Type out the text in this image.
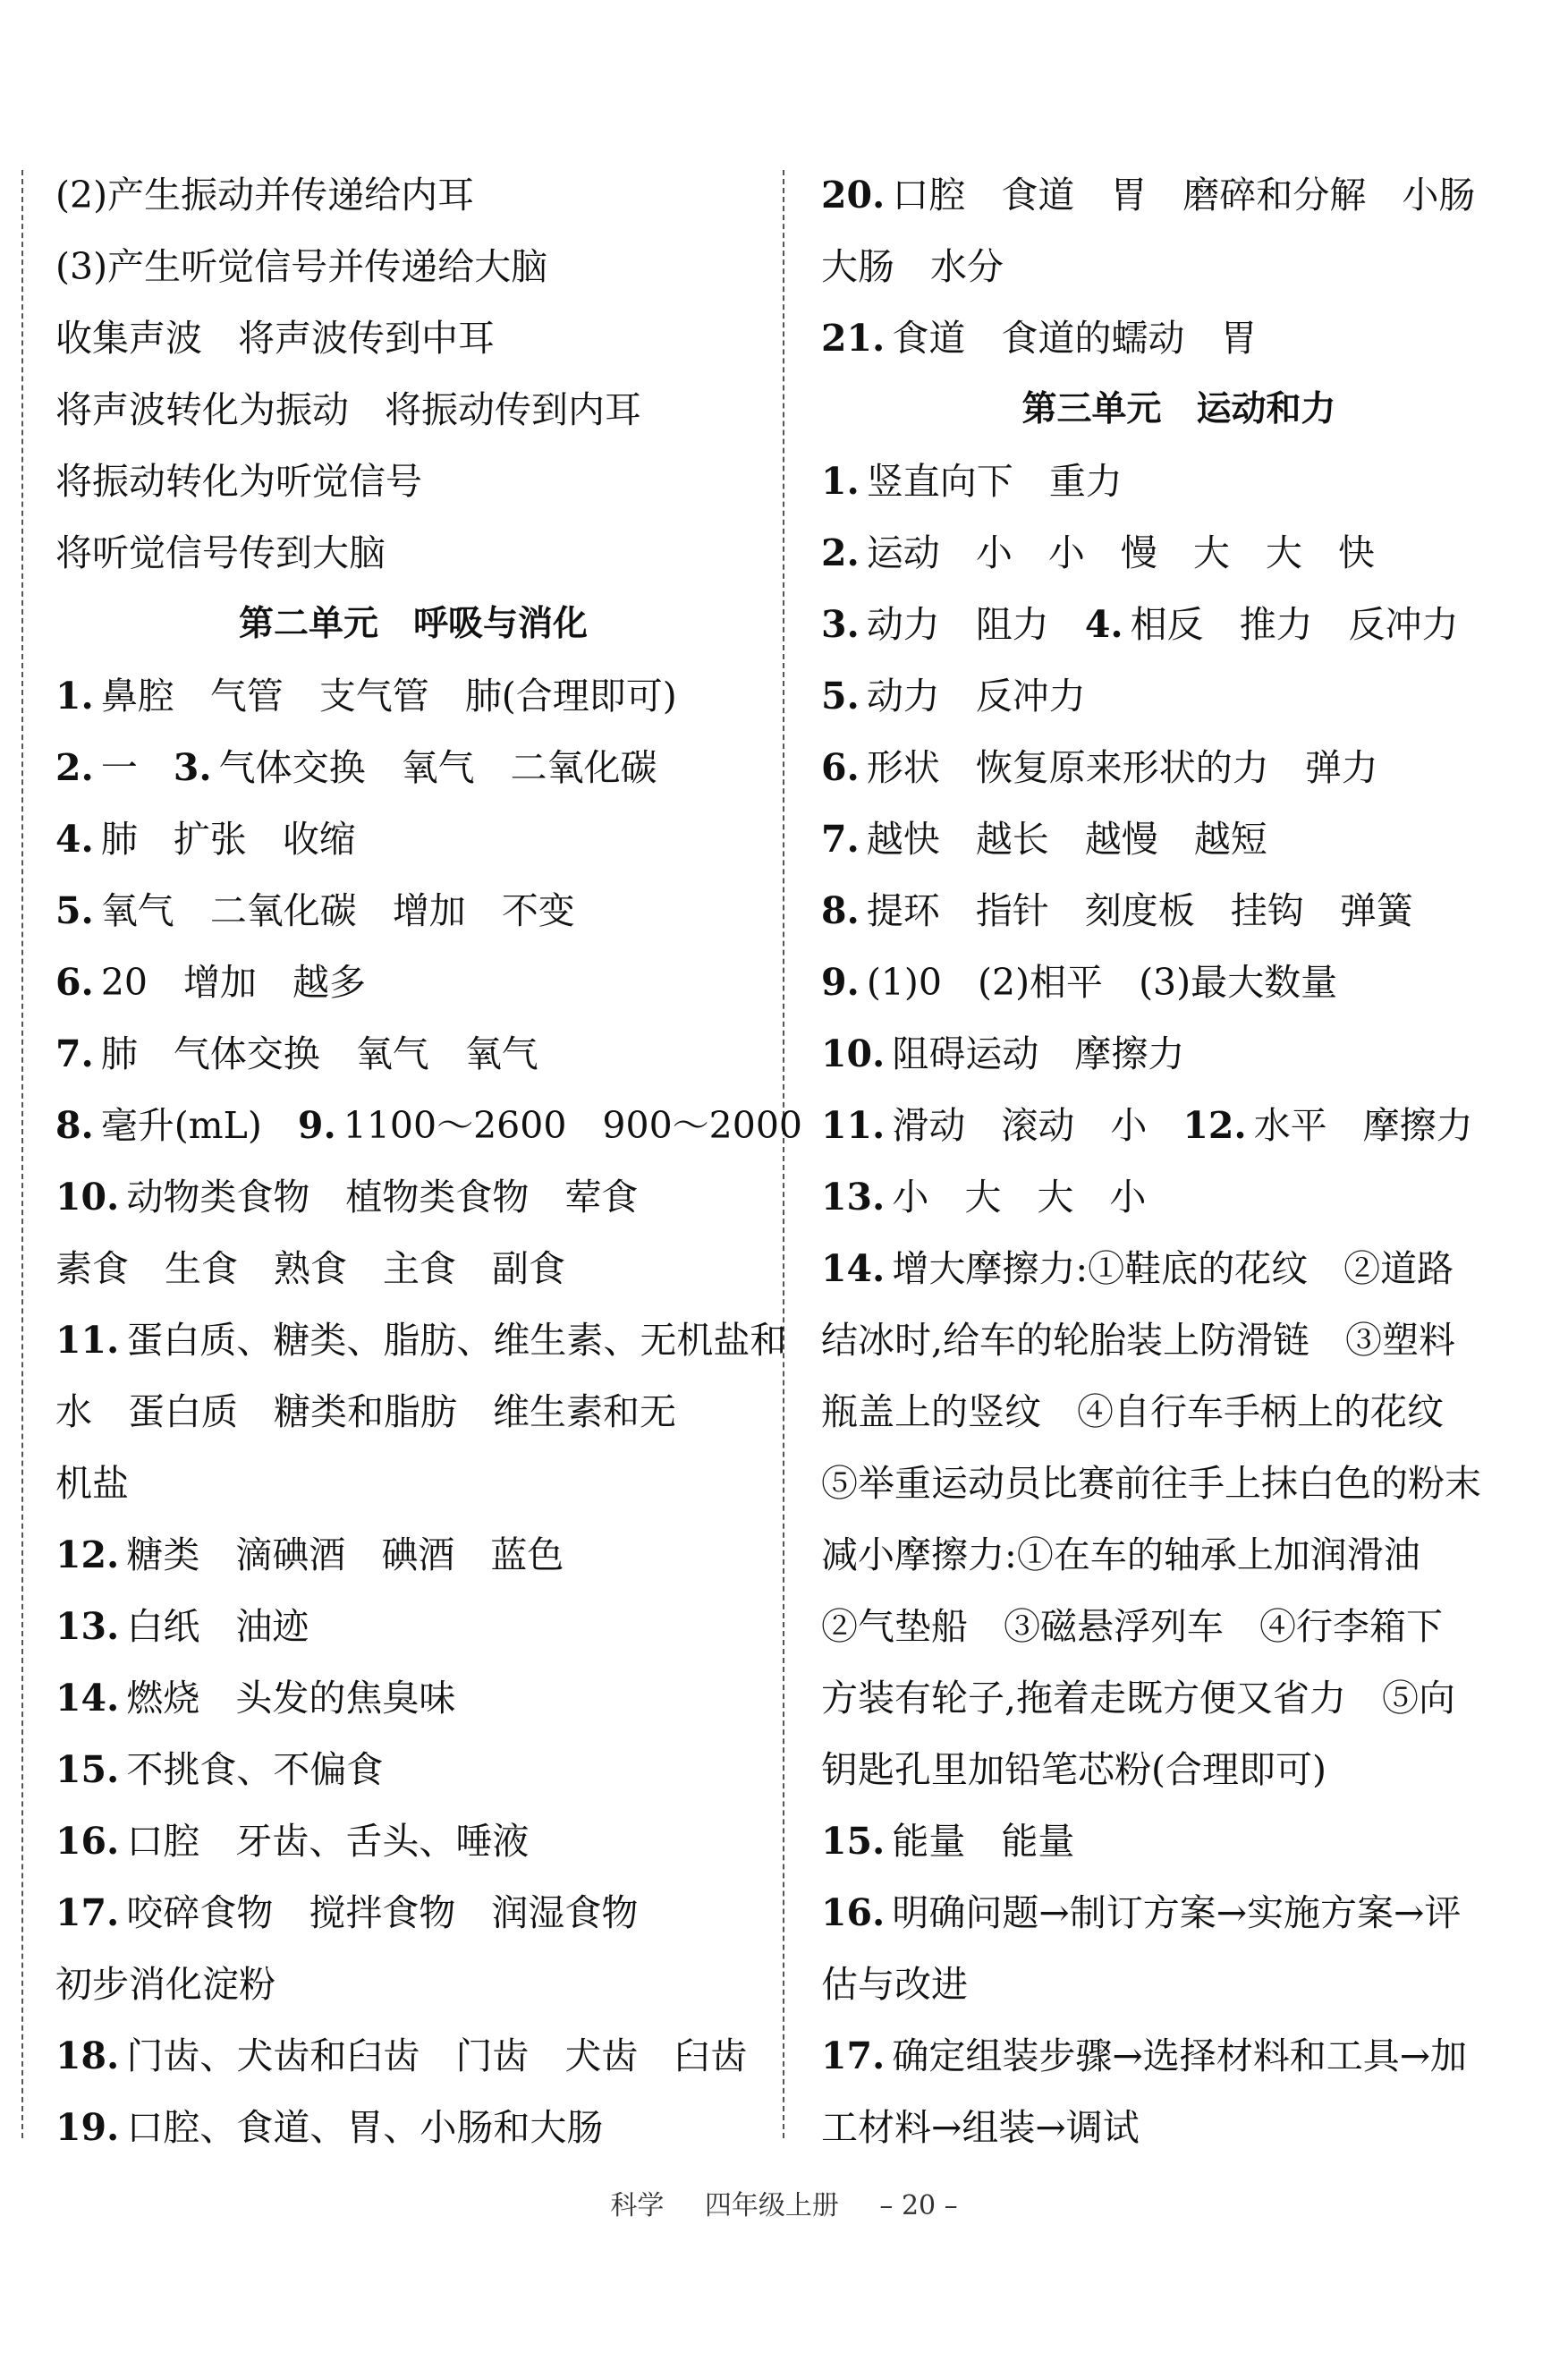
(2)产生振动并传递给内耳
(3)产生听觉信号并传递给大脑
收集声波 将声波传到中耳
将声波转化为振动 将振动传到内耳
将振动转化为听觉信号
将听觉信号传到大脑
第二单元　呼吸与消化
1. 鼻腔 气管 支气管 肺(合理即可)
2. 一 3. 气体交换 氧气 二氧化碳
4. 肺 扩张 收缩
5. 氧气 二氧化碳 增加 不变
6. 20 增加 越多
7. 肺 气体交换 氧气 氧气
8. 毫升(mL) 9. 1100～2600 900～2000
10. 动物类食物 植物类食物 荤食
素食 生食 熟食 主食 副食
11. 蛋白质、糖类、脂肪、维生素、无机盐和
水 蛋白质 糖类和脂肪 维生素和无
机盐
12. 糖类 滴碘酒 碘酒 蓝色
13. 白纸 油迹
14. 燃烧 头发的焦臭味
15. 不挑食、不偏食
16. 口腔 牙齿、舌头、唾液
17. 咬碎食物 搅拌食物 润湿食物
初步消化淀粉
18. 门齿、犬齿和臼齿 门齿 犬齿 臼齿
19. 口腔、食道、胃、小肠和大肠
20. 口腔 食道 胃 磨碎和分解 小肠
大肠 水分
21. 食道 食道的蠕动 胃
第三单元　运动和力
1. 竖直向下 重力
2. 运动 小 小 慢 大 大 快
3. 动力 阻力 4. 相反 推力 反冲力
5. 动力 反冲力
6. 形状 恢复原来形状的力 弹力
7. 越快 越长 越慢 越短
8. 提环 指针 刻度板 挂钩 弹簧
9. (1)0 (2)相平 (3)最大数量
10. 阻碍运动 摩擦力
11. 滑动 滚动 小 12. 水平 摩擦力
13. 小 大 大 小
14. 增大摩擦力:①鞋底的花纹 ②道路
结冰时,给车的轮胎装上防滑链 ③塑料
瓶盖上的竖纹 ④自行车手柄上的花纹
⑤举重运动员比赛前往手上抹白色的粉末
减小摩擦力:①在车的轴承上加润滑油
②气垫船 ③磁悬浮列车 ④行李箱下
方装有轮子,拖着走既方便又省力 ⑤向
钥匙孔里加铅笔芯粉(合理即可)
15. 能量 能量
16. 明确问题→制订方案→实施方案→评
估与改进
17. 确定组装步骤→选择材料和工具→加
工材料→组装→调试
科学 四年级上册 – 20 –
